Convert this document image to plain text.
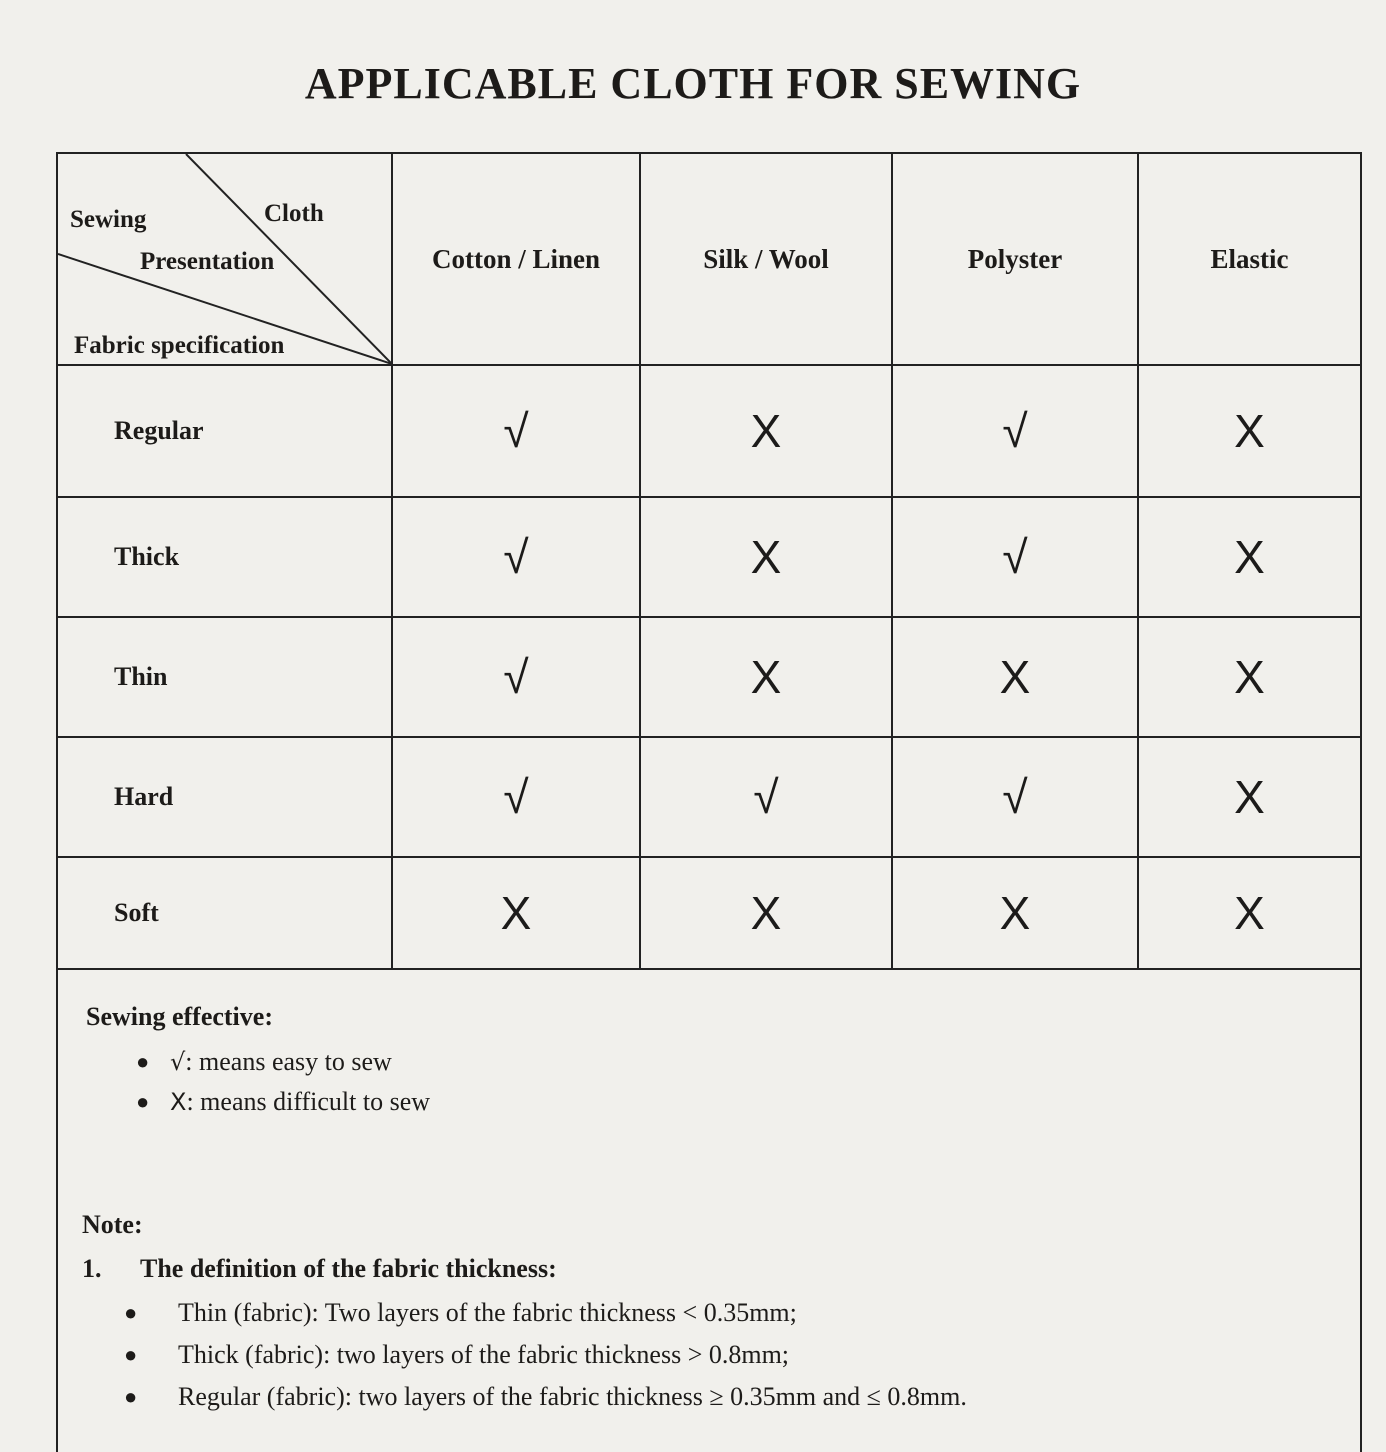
APPLICABLE CLOTH FOR SEWING
Sewing Cloth
Presentation
Fabric specification	Cotton / Linen	Silk / Wool	Polyster	Elastic
Regular	√	X	√	X
Thick	√	X	√	X
Thin	√	X	X	X
Hard	√	√	√	X
Soft	X	X	X	X

Sewing effective:

● √: means easy to sew
● X: means difficult to sew

Note:

1. The definition of the fabric thickness:

● Thin (fabric): Two layers of the fabric thickness < 0.35mm;
● Thick (fabric): two layers of the fabric thickness > 0.8mm;
● Regular (fabric): two layers of the fabric thickness ≥ 0.35mm and ≤ 0.8mm.
